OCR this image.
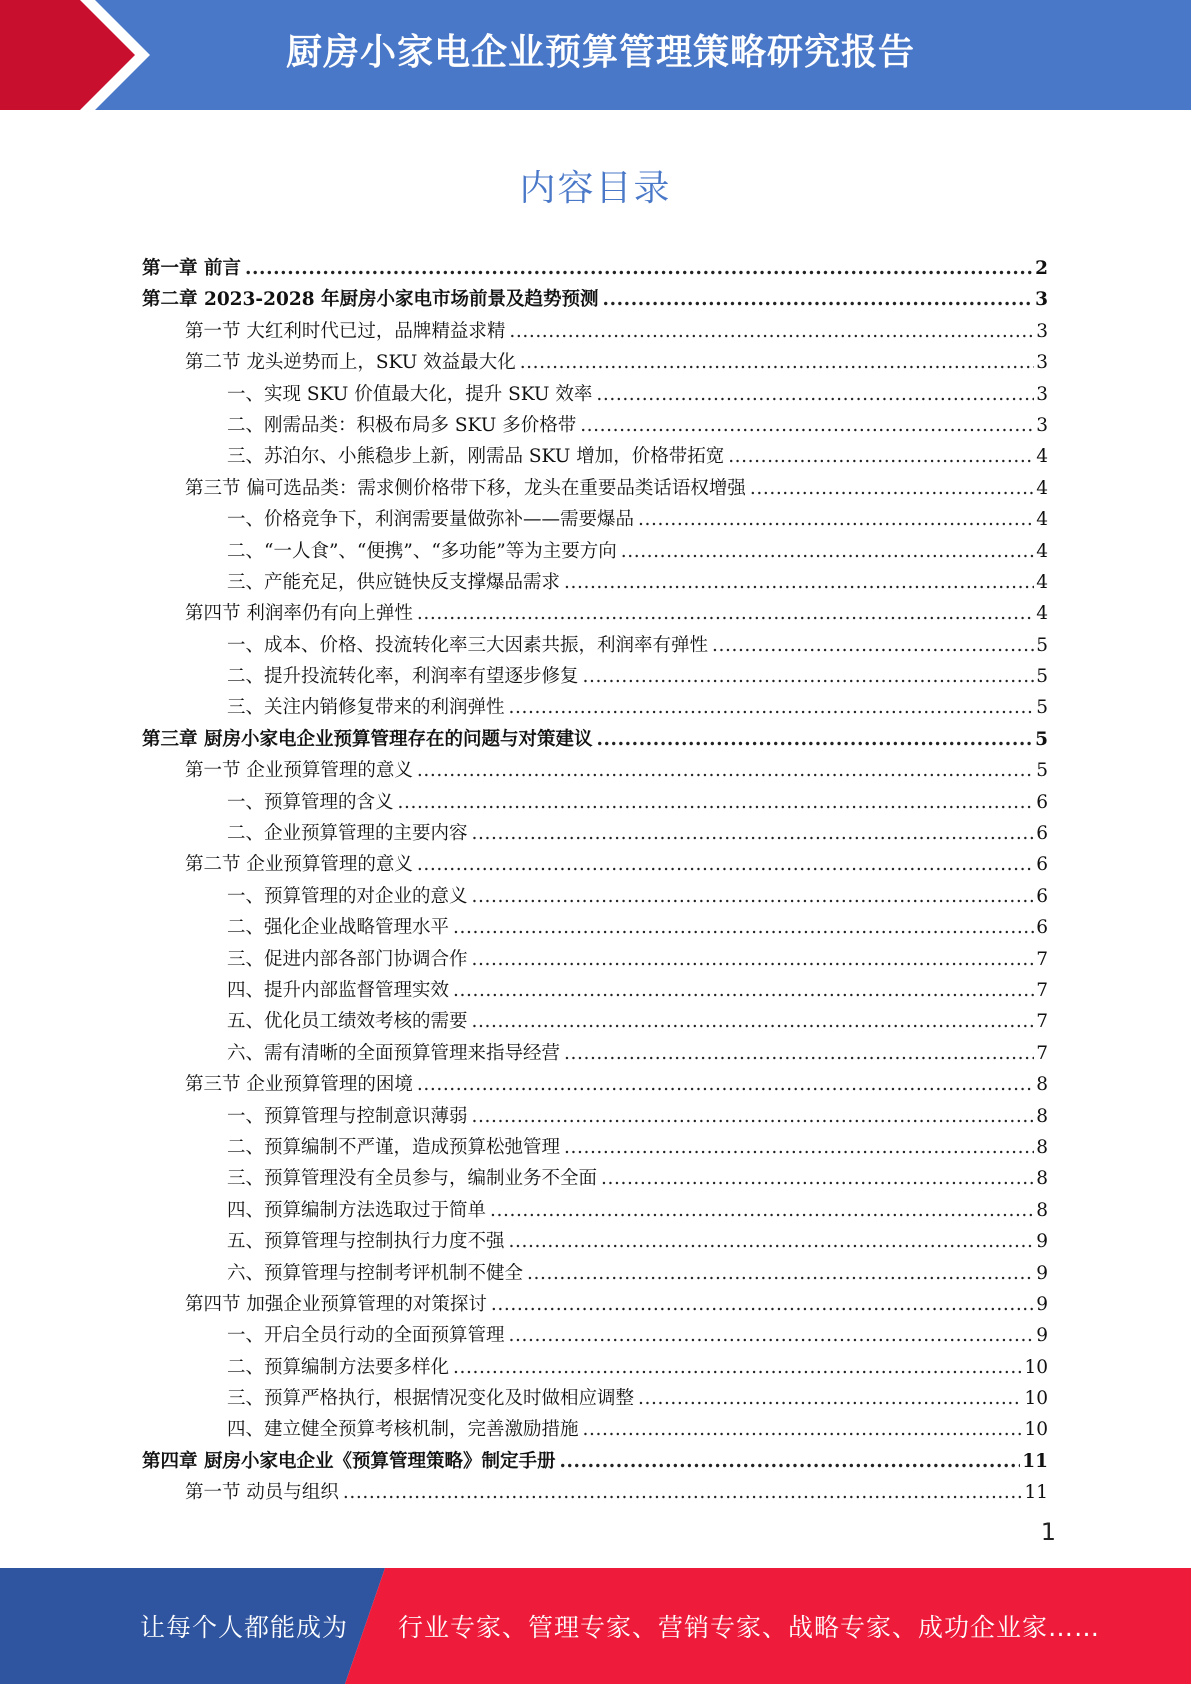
厨房小家电企业预算管理策略研究报告
内容目录
第一章 前言 .....	2
第二章 2023-2028 年厨房小家电市场前景及趋势预测 .....	3
第一节 大红利时代已过，品牌精益求精 .....	3
第二节 龙头逆势而上，SKU 效益最大化 .....	3
一、实现 SKU 价值最大化，提升 SKU 效率 .....	3
二、刚需品类：积极布局多 SKU 多价格带 .....	3
三、苏泊尔、小熊稳步上新，刚需品 SKU 增加，价格带拓宽 .....	4
第三节 偏可选品类：需求侧价格带下移，龙头在重要品类话语权增强 .....	4
一、价格竞争下，利润需要量做弥补——需要爆品 .....	4
二、“一人食”、“便携”、“多功能”等为主要方向 .....	4
三、产能充足，供应链快反支撑爆品需求 .....	4
第四节 利润率仍有向上弹性 .....	4
一、成本、价格、投流转化率三大因素共振，利润率有弹性 .....	5
二、提升投流转化率，利润率有望逐步修复 .....	5
三、关注内销修复带来的利润弹性 .....	5
第三章 厨房小家电企业预算管理存在的问题与对策建议 .....	5
第一节 企业预算管理的意义 .....	5
一、预算管理的含义 .....	6
二、企业预算管理的主要内容 .....	6
第二节 企业预算管理的意义 .....	6
一、预算管理的对企业的意义 .....	6
二、强化企业战略管理水平 .....	6
三、促进内部各部门协调合作 .....	7
四、提升内部监督管理实效 .....	7
五、优化员工绩效考核的需要 .....	7
六、需有清晰的全面预算管理来指导经营 .....	7
第三节 企业预算管理的困境 .....	8
一、预算管理与控制意识薄弱 .....	8
二、预算编制不严谨，造成预算松弛管理 .....	8
三、预算管理没有全员参与，编制业务不全面 .....	8
四、预算编制方法选取过于简单 .....	8
五、预算管理与控制执行力度不强 .....	9
六、预算管理与控制考评机制不健全 .....	9
第四节 加强企业预算管理的对策探讨 .....	9
一、开启全员行动的全面预算管理 .....	9
二、预算编制方法要多样化 .....	10
三、预算严格执行，根据情况变化及时做相应调整 .....	10
四、建立健全预算考核机制，完善激励措施 .....	10
第四章 厨房小家电企业《预算管理策略》制定手册 .....	11
第一节 动员与组织 .....	11
1
让每个人都能成为 行业专家、管理专家、营销专家、战略专家、成功企业家……
